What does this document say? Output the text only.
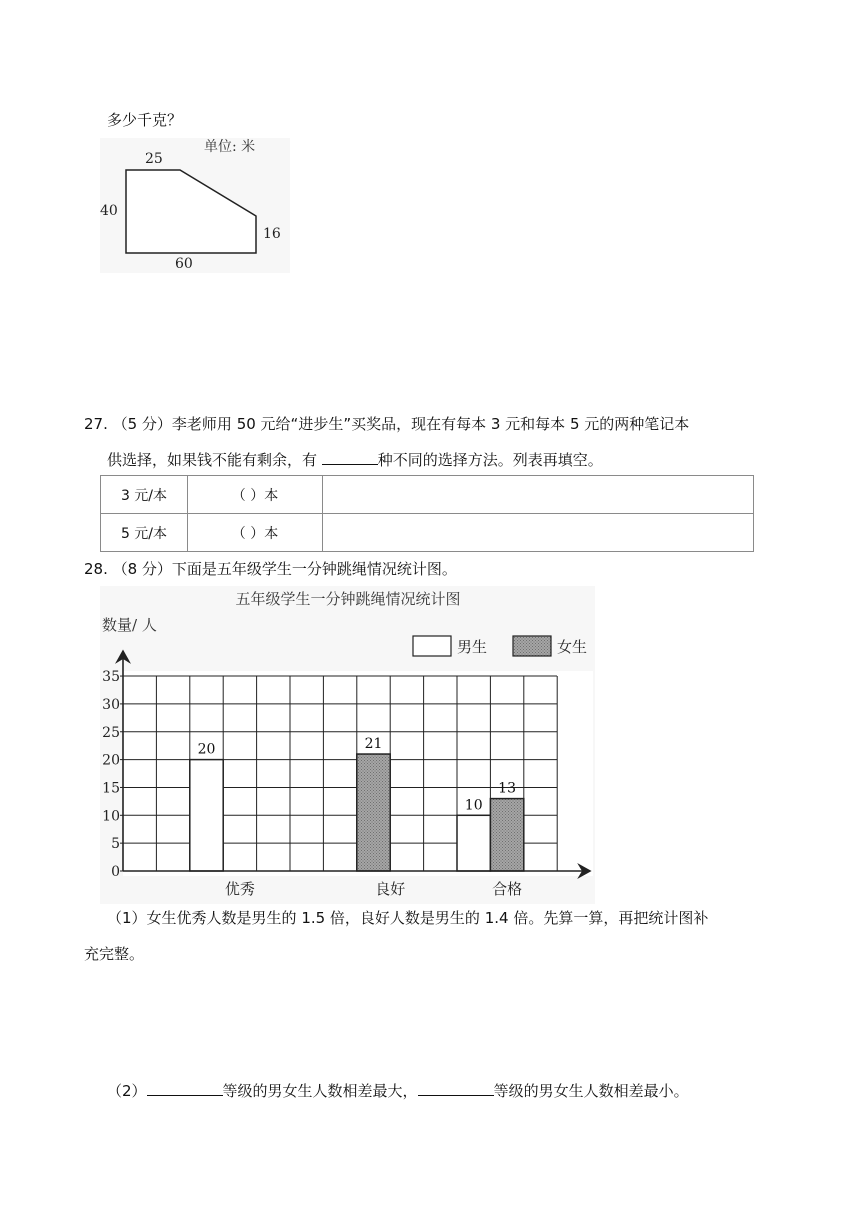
多少千克？
单位: 米
25
40
16
60
27. （5 分）李老师用 50 元给“进步生”买奖品，现在有每本 3 元和每本 5 元的两种笔记本
供选择，如果钱不能有剩余，有	种不同的选择方法。列表再填空。
3 元/本	（ ）本	
5 元/本	（ ）本	
28. （8 分）下面是五年级学生一分钟跳绳情况统计图。
五年级学生一分钟跳绳情况统计图
数量/ 人
男生	女生
0
5
10
15
20
25
30
35
20	21
10
13
优秀	良好	合格
（1）女生优秀人数是男生的 1.5 倍，良好人数是男生的 1.4 倍。先算一算，再把统计图补
充完整。
（2）	等级的男女生人数相差最大，	等级的男女生人数相差最小。
